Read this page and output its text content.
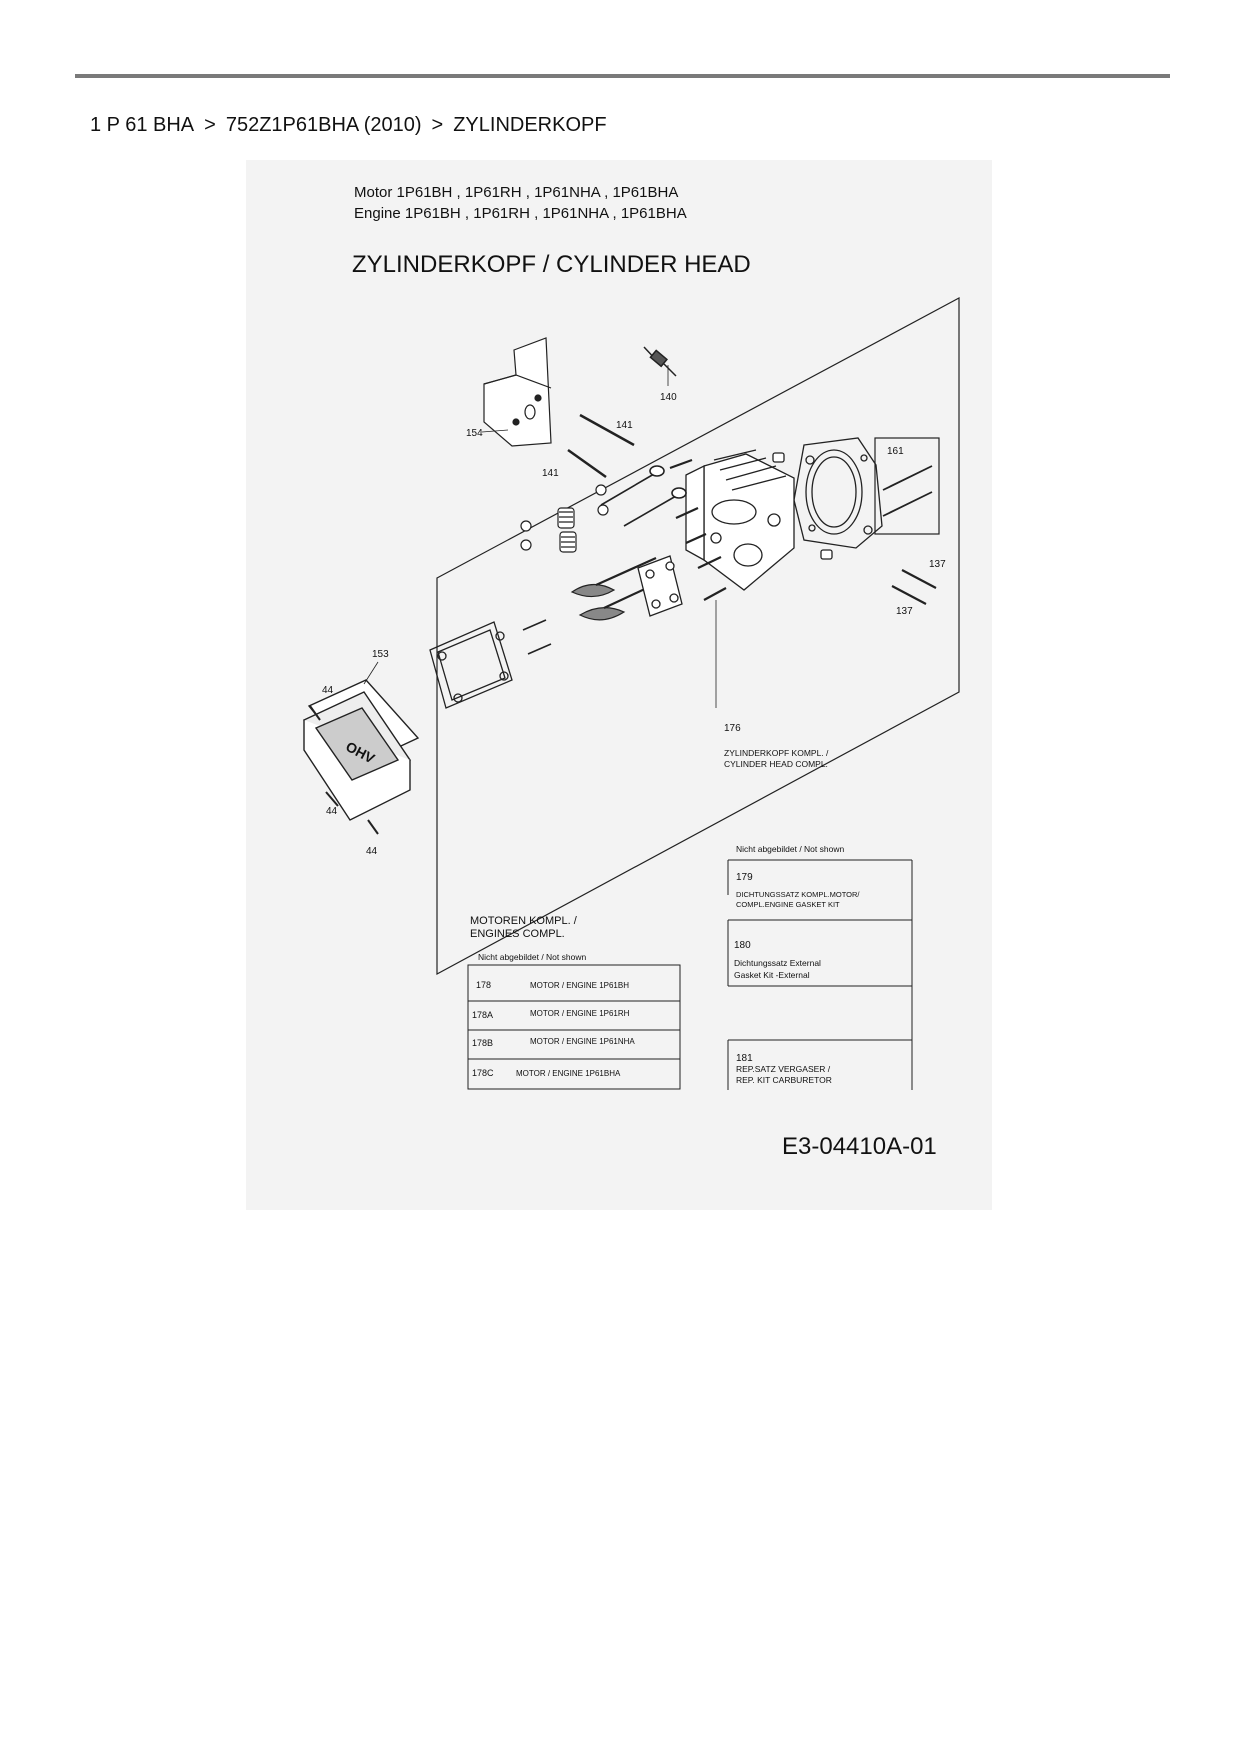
1 P 61 BHA > 752Z1P61BHA (2010) > ZYLINDERKOPF
Motor 1P61BH , 1P61RH , 1P61NHA , 1P61BHA
Engine 1P61BH , 1P61RH , 1P61NHA , 1P61BHA
ZYLINDERKOPF / CYLINDER HEAD
154
140
141
141
161
137
137
176
ZYLINDERKOPF KOMPL. /
CYLINDER HEAD COMPL.
OHV
153
44
44
44	Nicht abgebildet / Not shown
179
DICHTUNGSSATZ KOMPL.MOTOR/
COMPL.ENGINE GASKET KIT
180
Dichtungssatz External
Gasket Kit -External
181
REP.SATZ VERGASER /
REP. KIT CARBURETOR
MOTOREN KOMPL. /
ENGINES COMPL.
Nicht abgebildet / Not shown
178	MOTOR / ENGINE 1P61BH
178A	MOTOR / ENGINE 1P61RH
178B	MOTOR / ENGINE 1P61NHA
178C	MOTOR / ENGINE 1P61BHA
E3-04410A-01
